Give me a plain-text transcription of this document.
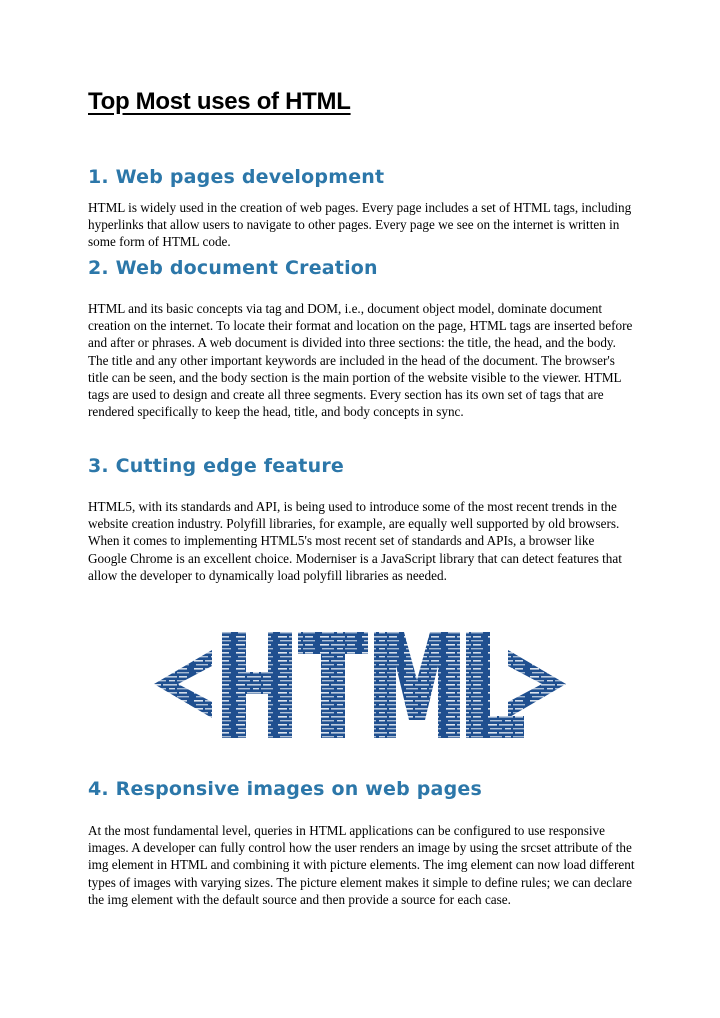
Top Most uses of HTML
1. Web pages development

HTML is widely used in the creation of web pages. Every page includes a set of HTML tags, including hyperlinks that allow users to navigate to other pages. Every page we see on the internet is written in some form of HTML code.

2. Web document Creation

HTML and its basic concepts via tag and DOM, i.e., document object model, dominate document creation on the internet. To locate their format and location on the page, HTML tags are inserted before and after or phrases. A web document is divided into three sections: the title, the head, and the body. The title and any other important keywords are included in the head of the document. The browser's title can be seen, and the body section is the main portion of the website visible to the viewer. HTML tags are used to design and create all three segments. Every section has its own set of tags that are rendered specifically to keep the head, title, and body concepts in sync.

3. Cutting edge feature

HTML5, with its standards and API, is being used to introduce some of the most recent trends in the website creation industry. Polyfill libraries, for example, are equally well supported by old browsers. When it comes to implementing HTML5's most recent set of standards and APIs, a browser like Google Chrome is an excellent choice. Moderniser is a JavaScript library that can detect features that allow the developer to dynamically load polyfill libraries as needed.

4. Responsive images on web pages

At the most fundamental level, queries in HTML applications can be configured to use responsive images. A developer can fully control how the user renders an image by using the srcset attribute of the img element in HTML and combining it with picture elements. The img element can now load different types of images with varying sizes. The picture element makes it simple to define rules; we can declare the img element with the default source and then provide a source for each case.
